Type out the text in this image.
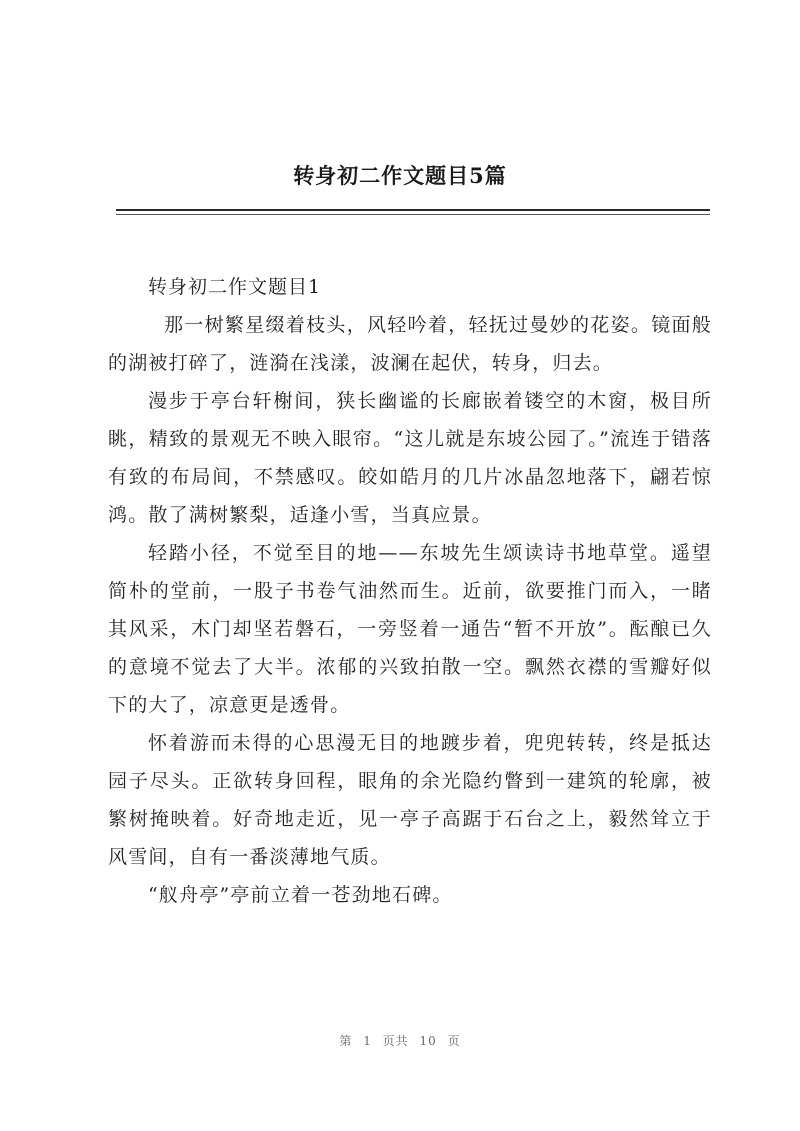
转身初二作文题目5篇

转身初二作文题目1

那一树繁星缀着枝头，风轻吟着，轻抚过曼妙的花姿。镜面般的湖被打碎了，涟漪在浅漾，波澜在起伏，转身，归去。

漫步于亭台轩榭间，狭长幽谧的长廊嵌着镂空的木窗，极目所眺，精致的景观无不映入眼帘。“这儿就是东坡公园了。”流连于错落有致的布局间，不禁感叹。皎如皓月的几片冰晶忽地落下，翩若惊鸿。散了满树繁梨，适逢小雪，当真应景。

轻踏小径，不觉至目的地——东坡先生颂读诗书地草堂。遥望简朴的堂前，一股子书卷气油然而生。近前，欲要推门而入，一睹其风采，木门却坚若磐石，一旁竖着一通告“暂不开放”。酝酿已久的意境不觉去了大半。浓郁的兴致拍散一空。飘然衣襟的雪瓣好似下的大了，凉意更是透骨。

怀着游而未得的心思漫无目的地踱步着，兜兜转转，终是抵达园子尽头。正欲转身回程，眼角的余光隐约瞥到一建筑的轮廓，被繁树掩映着。好奇地走近，见一亭子高踞于石台之上，毅然耸立于风雪间，自有一番淡薄地气质。

“舣舟亭”亭前立着一苍劲地石碑。

第 1 页共 10 页
